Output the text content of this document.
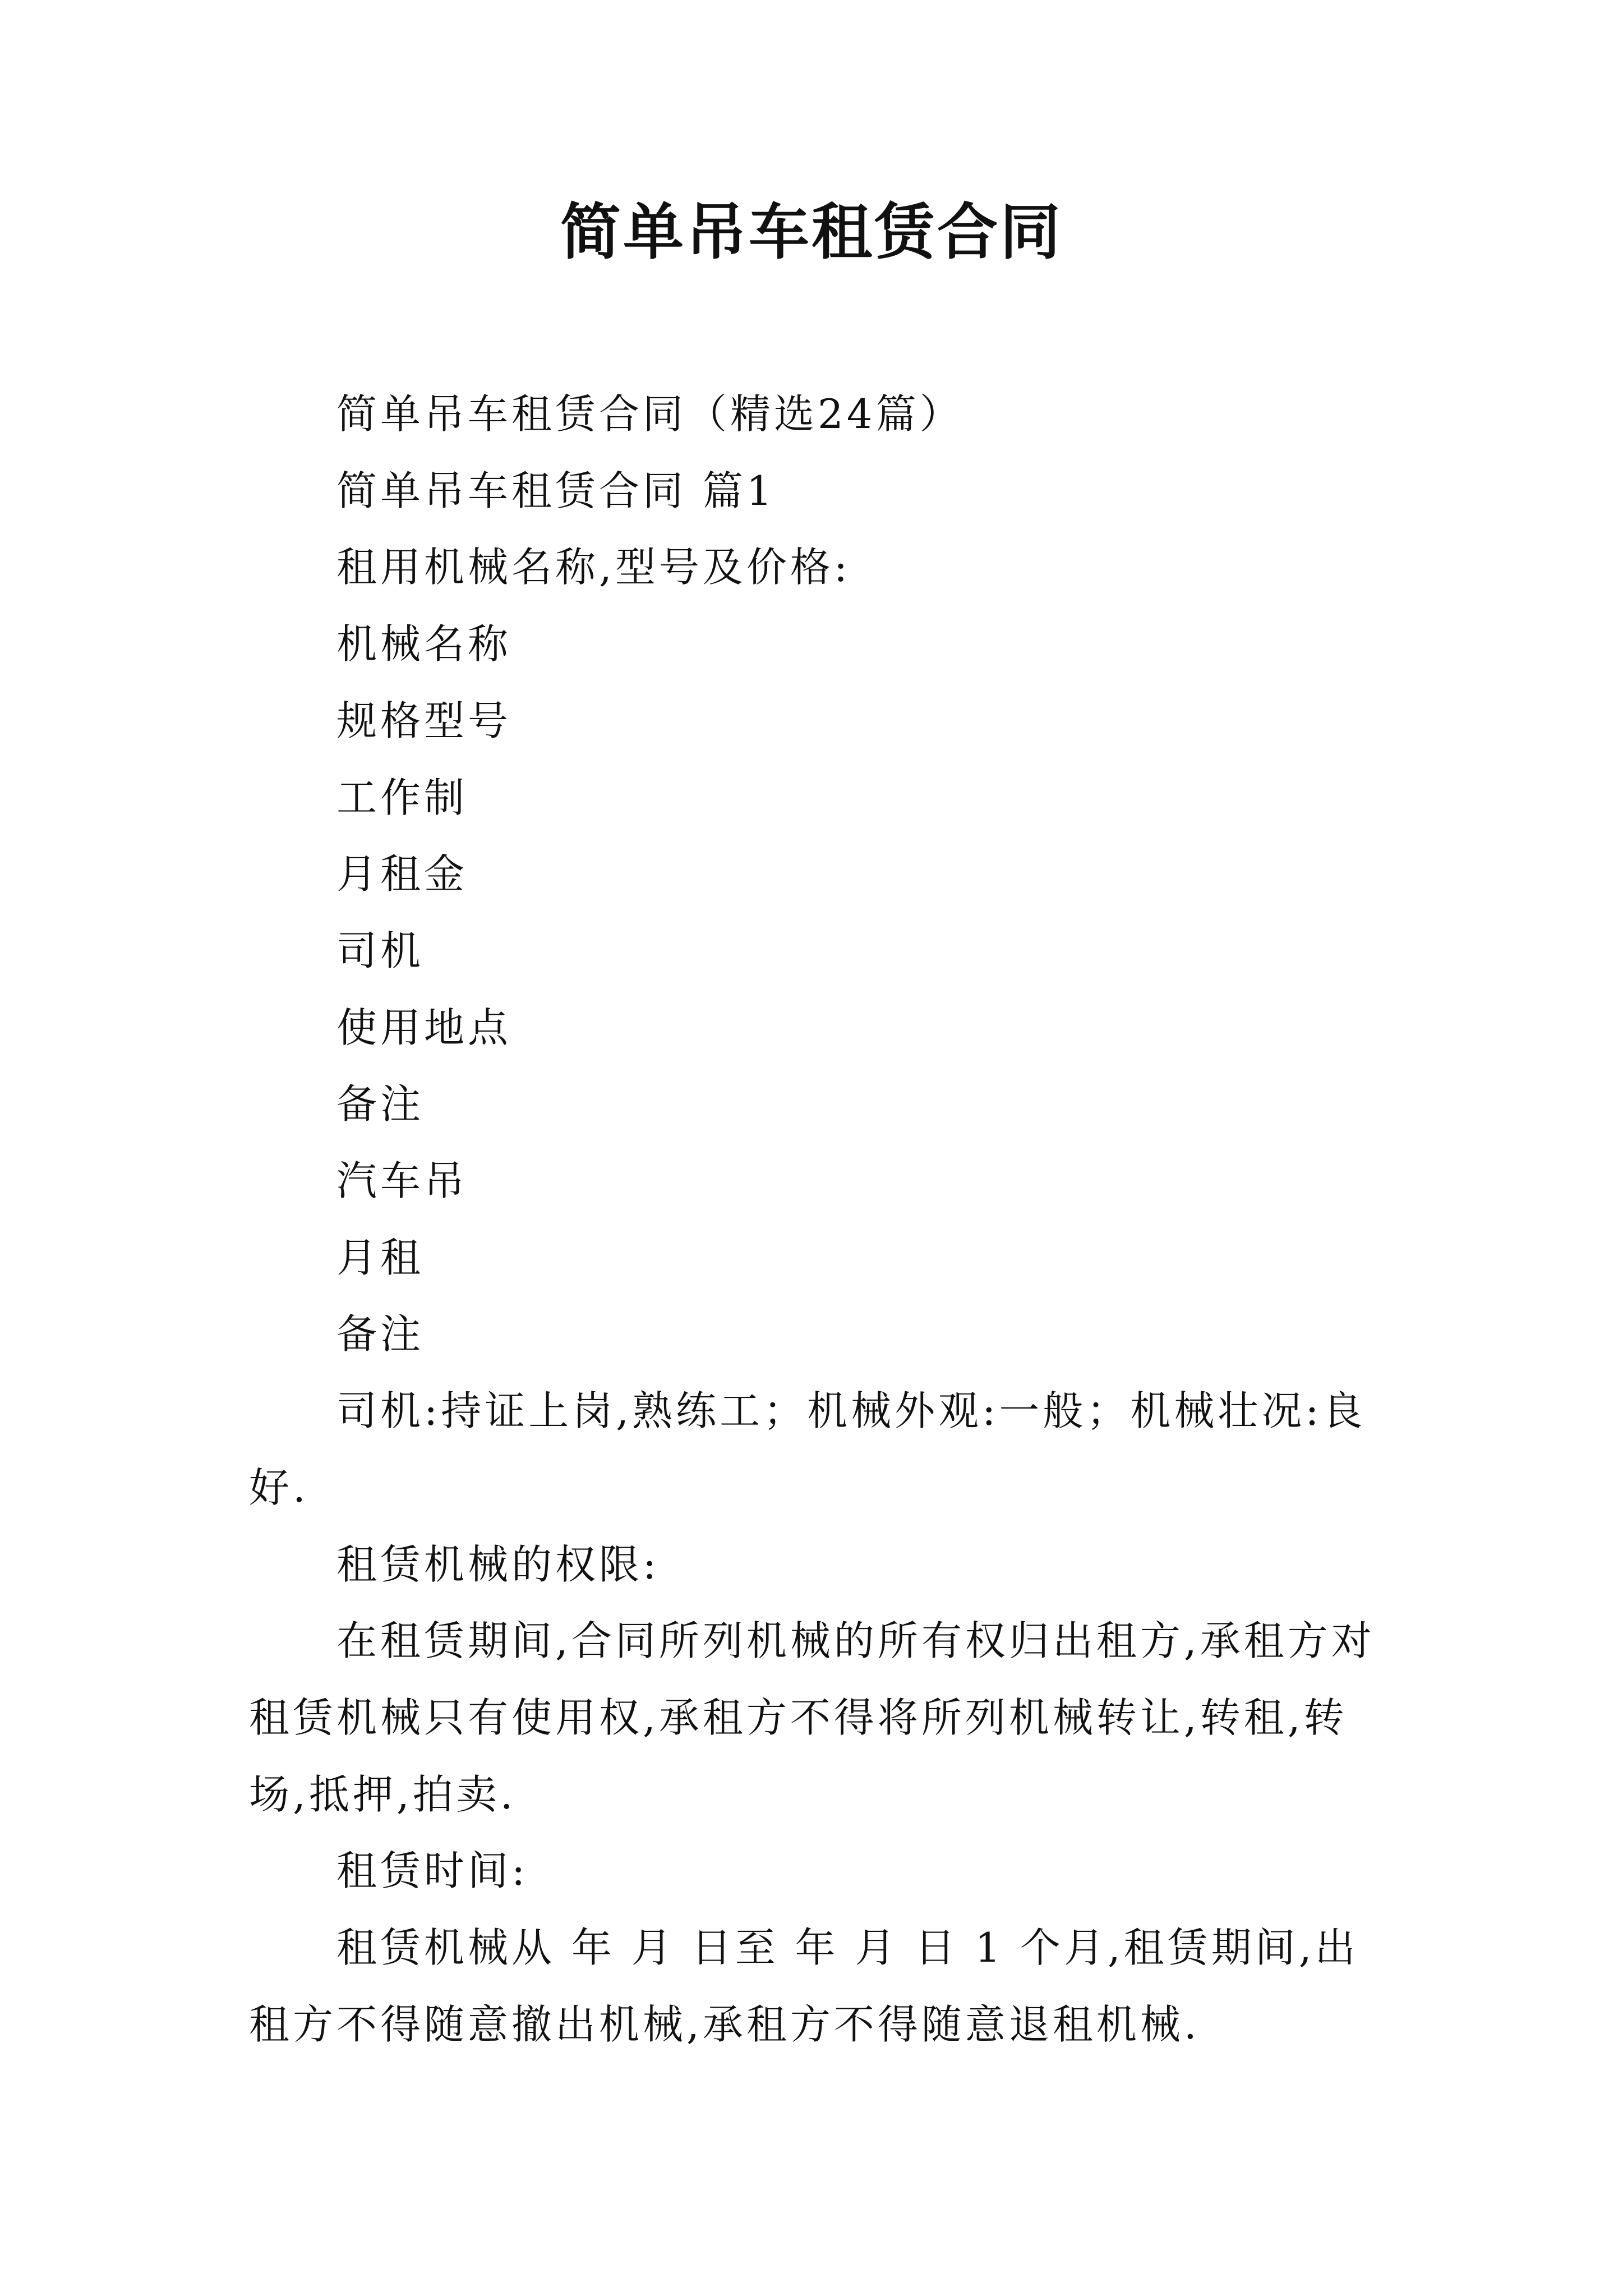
简单吊车租赁合同

简单吊车租赁合同（精选24篇）

简单吊车租赁合同 篇1

租用机械名称,型号及价格:

机械名称

规格型号

工作制

月租金

司机

使用地点

备注

汽车吊

月租

备注

司机:持证上岗,熟练工；机械外观:一般；机械壮况:良好.

租赁机械的权限:

在租赁期间,合同所列机械的所有权归出租方,承租方对租赁机械只有使用权,承租方不得将所列机械转让,转租,转场,抵押,拍卖.

租赁时间:

租赁机械从 年 月 日至 年 月 日 1 个月,租赁期间,出租方不得随意撤出机械,承租方不得随意退租机械.
